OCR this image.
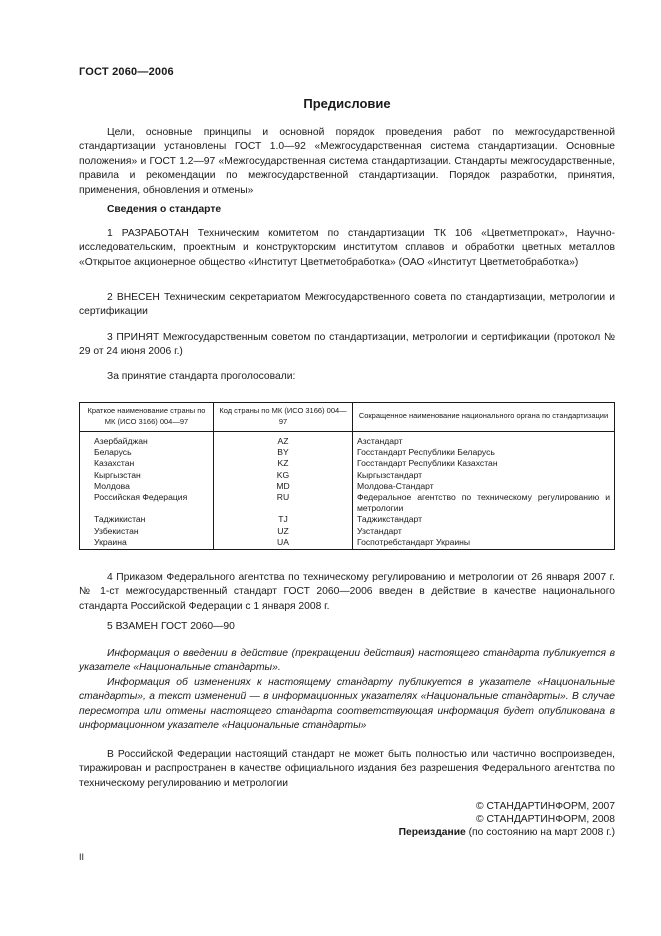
ГОСТ 2060—2006
Предисловие

Цели, основные принципы и основной порядок проведения работ по межгосударственной стандартизации установлены ГОСТ 1.0—92 «Межгосударственная система стандартизации. Основные положения» и ГОСТ 1.2—97 «Межгосударственная система стандартизации. Стандарты межгосударственные, правила и рекомендации по межгосударственной стандартизации. Порядок разработки, принятия, применения, обновления и отмены»

Сведения о стандарте

1 РАЗРАБОТАН Техническим комитетом по стандартизации ТК 106 «Цветметпрокат», Научно-исследовательским, проектным и конструкторским институтом сплавов и обработки цветных металлов «Открытое акционерное общество «Институт Цветметобработка» (ОАО «Институт Цветметобработка»)

2 ВНЕСЕН Техническим секретариатом Межгосударственного совета по стандартизации, метрологии и сертификации

3 ПРИНЯТ Межгосударственным советом по стандартизации, метрологии и сертификации (протокол № 29 от 24 июня 2006 г.)

За принятие стандарта проголосовали:

Краткое наименование страны по МК (ИСО 3166) 004—97	Код страны по МК (ИСО 3166) 004—97	Сокращенное наименование национального органа по стандартизации
Азербайджан	AZ	Азстандарт
Беларусь	BY	Госстандарт Республики Беларусь
Казахстан	KZ	Госстандарт Республики Казахстан
Кыргызстан	KG	Кыргызстандарт
Молдова	MD	Молдова-Стандарт
Российская Федерация	RU	Федеральное агентство по техническому регулированию и метрологии
Таджикистан	TJ	Таджикстандарт
Узбекистан	UZ	Узстандарт
Украина	UA	Госпотребстандарт Украины

4 Приказом Федерального агентства по техническому регулированию и метрологии от 26 января 2007 г. № 1-ст межгосударственный стандарт ГОСТ 2060—2006 введен в действие в качестве национального стандарта Российской Федерации с 1 января 2008 г.

5 ВЗАМЕН ГОСТ 2060—90

Информация о введении в действие (прекращении действия) настоящего стандарта публикуется в указателе «Национальные стандарты».

Информация об изменениях к настоящему стандарту публикуется в указателе «Национальные стандарты», а текст изменений — в информационных указателях «Национальные стандарты». В случае пересмотра или отмены настоящего стандарта соответствующая информация будет опубликована в информационном указателе «Национальные стандарты»

В Российской Федерации настоящий стандарт не может быть полностью или частично воспроизведен, тиражирован и распространен в качестве официального издания без разрешения Федерального агентства по техническому регулированию и метрологии

© СТАНДАРТИНФОРМ, 2007
© СТАНДАРТИНФОРМ, 2008
Переиздание (по состоянию на март 2008 г.)
II
